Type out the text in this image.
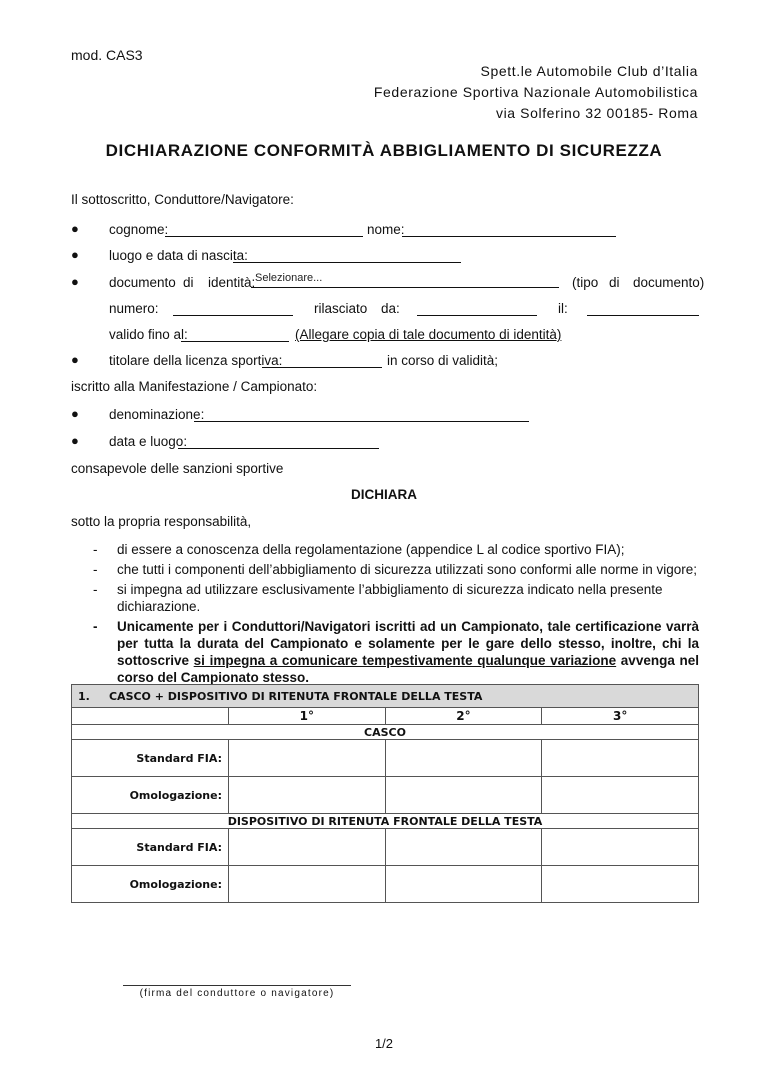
mod. CAS3
Spett.le Automobile Club d’Italia
Federazione Sportiva Nazionale Automobilistica
via Solferino 32 00185- Roma
DICHIARAZIONE CONFORMITÀ ABBIGLIAMENTO DI SICUREZZA
Il sottoscritto, Conduttore/Navigatore:
● cognome:	nome:
● luogo e data di nascita:
● documento di identità: Selezionare...	(tipo di documento)
numero:	rilasciato da:	il:
valido fino al:	(Allegare copia di tale documento di identità)
● titolare della licenza sportiva:	in corso di validità;
iscritto alla Manifestazione / Campionato:
● denominazione:
● data e luogo:
consapevole delle sanzioni sportive
DICHIARA
sotto la propria responsabilità,
- di essere a conoscenza della regolamentazione (appendice L al codice sportivo FIA);
- che tutti i componenti dell’abbigliamento di sicurezza utilizzati sono conformi alle norme in vigore;
- si impegna ad utilizzare esclusivamente l’abbigliamento di sicurezza indicato nella presente dichiarazione.
- Unicamente per i Conduttori/Navigatori iscritti ad un Campionato, tale certificazione varrà per tutta la durata del Campionato e solamente per le gare dello stesso, inoltre, chi la sottoscrive si impegna a comunicare tempestivamente qualunque variazione avvenga nel corso del Campionato stesso.
1.     CASCO + DISPOSITIVO DI RITENUTA FRONTALE DELLA TESTA			
	1°	2°	3°
CASCO			
Standard FIA:			
Omologazione:			
DISPOSITIVO DI RITENUTA FRONTALE DELLA TESTA			
Standard FIA:			
Omologazione:			
(firma del conduttore o navigatore)
1/2
